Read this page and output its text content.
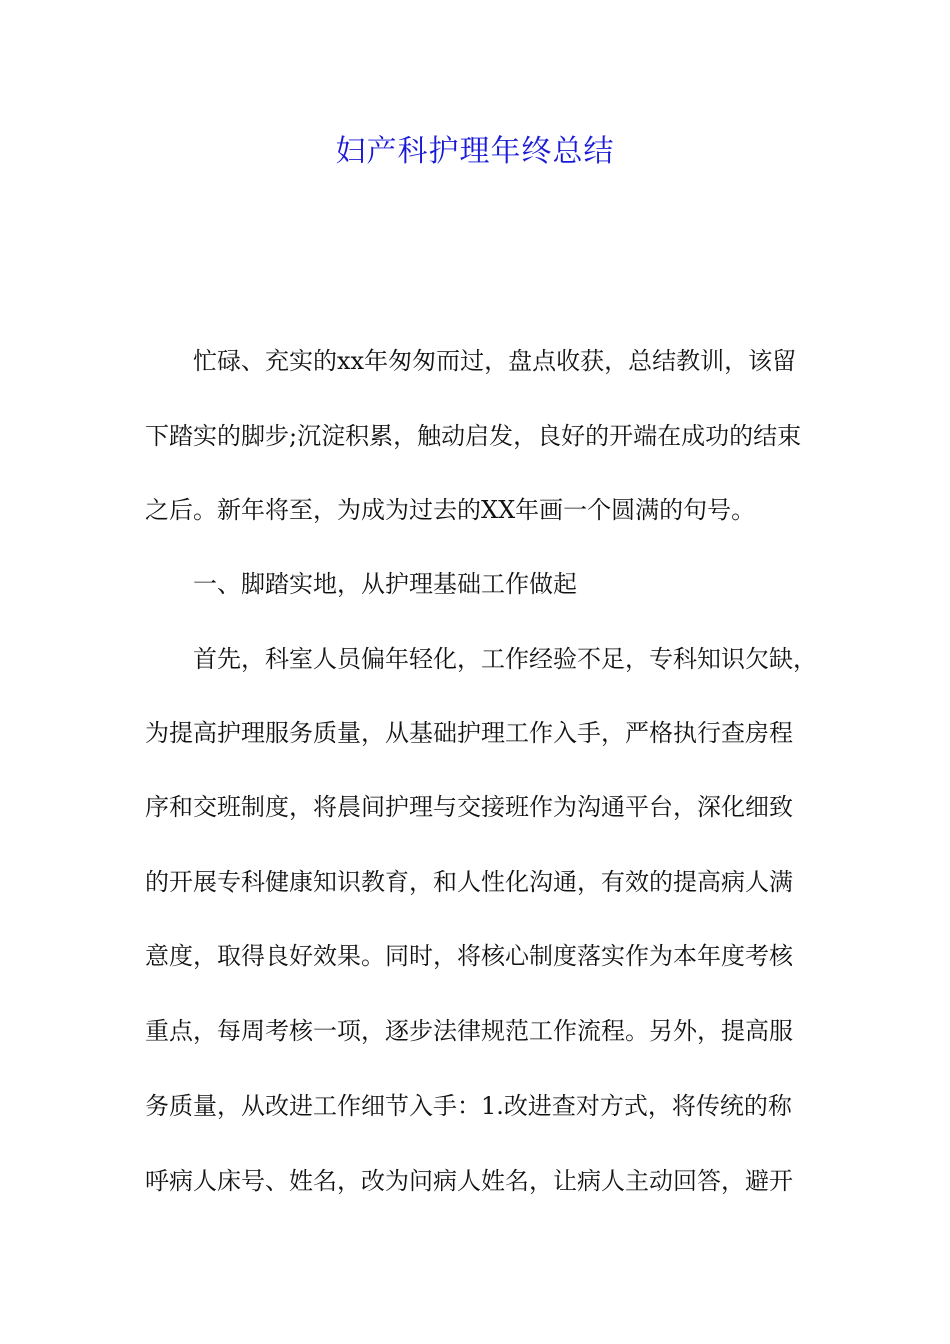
妇产科护理年终总结
忙碌、充实的xx年匆匆而过，盘点收获，总结教训，该留
下踏实的脚步;沉淀积累，触动启发，良好的开端在成功的结束
之后。新年将至，为成为过去的XX年画一个圆满的句号。
一、脚踏实地，从护理基础工作做起
首先，科室人员偏年轻化，工作经验不足，专科知识欠缺，
为提高护理服务质量，从基础护理工作入手，严格执行查房程
序和交班制度，将晨间护理与交接班作为沟通平台，深化细致
的开展专科健康知识教育，和人性化沟通，有效的提高病人满
意度，取得良好效果。同时，将核心制度落实作为本年度考核
重点，每周考核一项，逐步法律规范工作流程。另外，提高服
务质量，从改进工作细节入手：1.改进查对方式，将传统的称
呼病人床号、姓名，改为问病人姓名，让病人主动回答，避开
